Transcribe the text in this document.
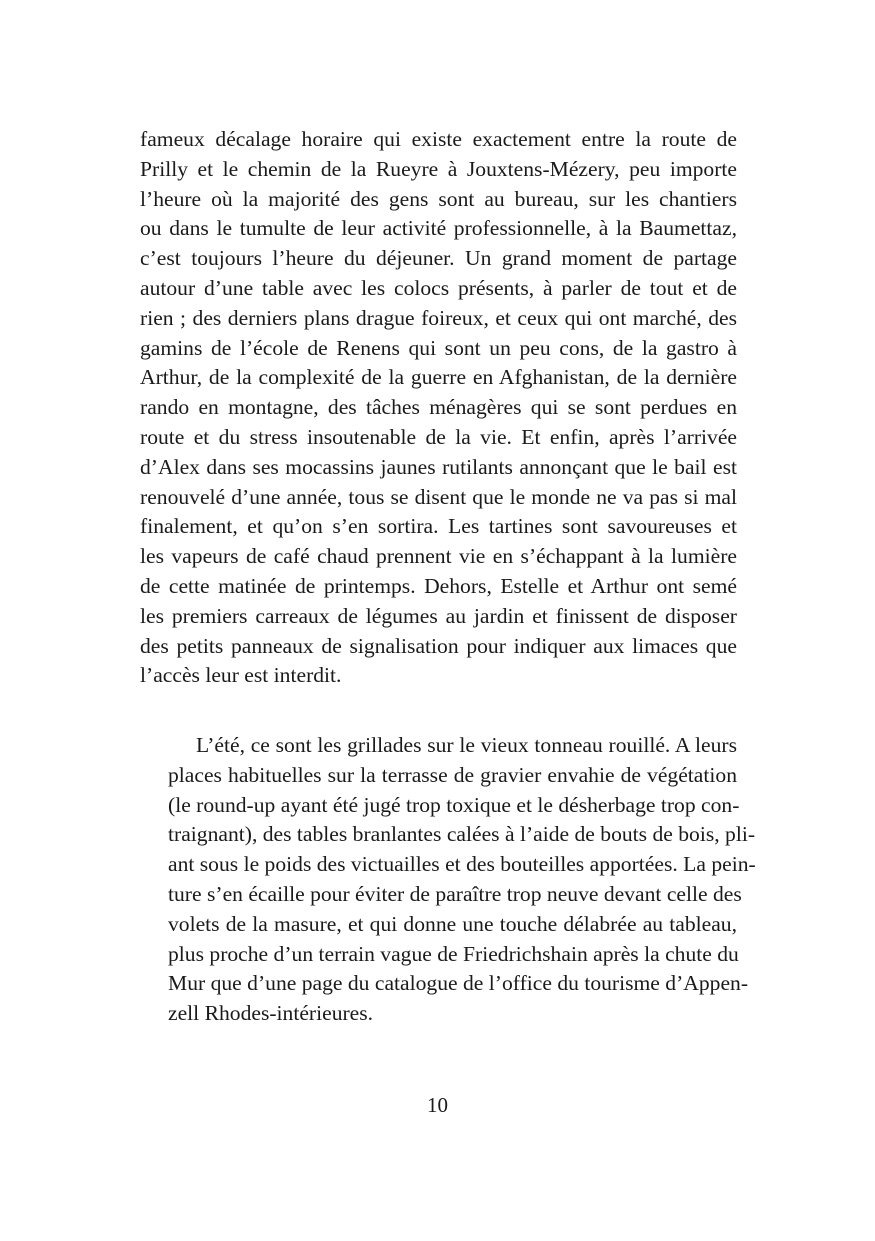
fameux décalage horaire qui existe exactement entre la route de
Prilly et le chemin de la Rueyre à Jouxtens-Mézery, peu importe
l’heure où la majorité des gens sont au bureau, sur les chantiers
ou dans le tumulte de leur activité professionnelle, à la Baumettaz,
c’est toujours l’heure du déjeuner. Un grand moment de partage
autour d’une table avec les colocs présents, à parler de tout et de
rien ; des derniers plans drague foireux, et ceux qui ont marché, des
gamins de l’école de Renens qui sont un peu cons, de la gastro à
Arthur, de la complexité de la guerre en Afghanistan, de la dernière
rando en montagne, des tâches ménagères qui se sont perdues en
route et du stress insoutenable de la vie. Et enfin, après l’arrivée
d’Alex dans ses mocassins jaunes rutilants annonçant que le bail est
renouvelé d’une année, tous se disent que le monde ne va pas si mal
finalement, et qu’on s’en sortira. Les tartines sont savoureuses et
les vapeurs de café chaud prennent vie en s’échappant à la lumière
de cette matinée de printemps. Dehors, Estelle et Arthur ont semé
les premiers carreaux de légumes au jardin et finissent de disposer
des petits panneaux de signalisation pour indiquer aux limaces que
l’accès leur est interdit.
L’été, ce sont les grillades sur le vieux tonneau rouillé. A leurs
places habituelles sur la terrasse de gravier envahie de végétation
(le round-up ayant été jugé trop toxique et le désherbage trop con-
traignant), des tables branlantes calées à l’aide de bouts de bois, pli-
ant sous le poids des victuailles et des bouteilles apportées. La pein-
ture s’en écaille pour éviter de paraître trop neuve devant celle des
volets de la masure, et qui donne une touche délabrée au tableau,
plus proche d’un terrain vague de Friedrichshain après la chute du
Mur que d’une page du catalogue de l’office du tourisme d’Appen-
zell Rhodes-intérieures.
10
